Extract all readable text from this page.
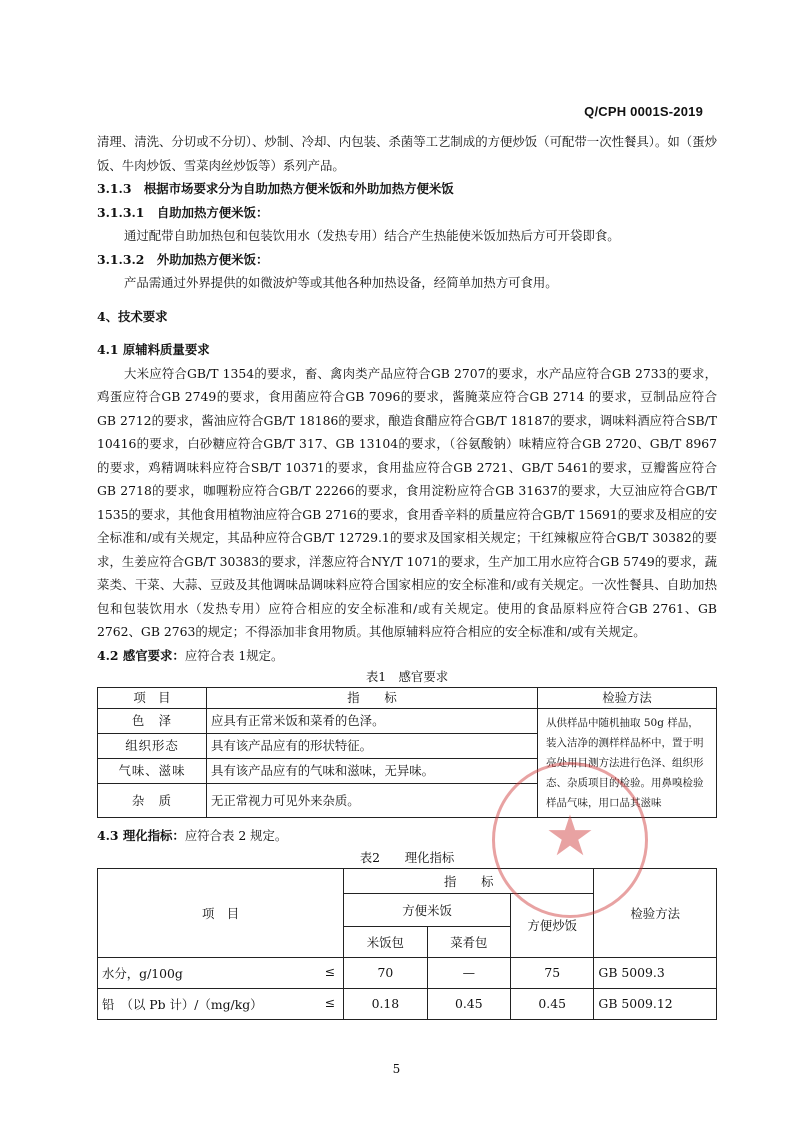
Q/CPH 0001S-2019

清理、清洗、分切或不分切）、炒制、冷却、内包装、杀菌等工艺制成的方便炒饭（可配带一次性餐具）。如（蛋炒饭、牛肉炒饭、雪菜肉丝炒饭等）系列产品。

3.1.3　根据市场要求分为自助加热方便米饭和外助加热方便米饭

3.1.3.1　自助加热方便米饭：

通过配带自助加热包和包装饮用水（发热专用）结合产生热能使米饭加热后方可开袋即食。

3.1.3.2　外助加热方便米饭：

产品需通过外界提供的如微波炉等或其他各种加热设备，经简单加热方可食用。

4、技术要求

4.1 原辅料质量要求

大米应符合GB/T 1354的要求，畜、禽肉类产品应符合GB 2707的要求，水产品应符合GB 2733的要求，鸡蛋应符合GB 2749的要求，食用菌应符合GB 7096的要求，酱腌菜应符合GB 2714 的要求，豆制品应符合GB 2712的要求，酱油应符合GB/T 18186的要求，酿造食醋应符合GB/T 18187的要求，调味料酒应符合SB/T 10416的要求，白砂糖应符合GB/T 317、GB 13104的要求，（谷氨酸钠）味精应符合GB 2720、GB/T 8967的要求，鸡精调味料应符合SB/T 10371的要求，食用盐应符合GB 2721、GB/T 5461的要求，豆瓣酱应符合GB 2718的要求，咖喱粉应符合GB/T 22266的要求，食用淀粉应符合GB 31637的要求，大豆油应符合GB/T 1535的要求，其他食用植物油应符合GB 2716的要求，食用香辛料的质量应符合GB/T 15691的要求及相应的安全标准和/或有关规定，其品种应符合GB/T 12729.1的要求及国家相关规定；干红辣椒应符合GB/T 30382的要求，生姜应符合GB/T 30383的要求，洋葱应符合NY/T 1071的要求，生产加工用水应符合GB 5749的要求，蔬菜类、干菜、大蒜、豆豉及其他调味品调味料应符合国家相应的安全标准和/或有关规定。一次性餐具、自助加热包和包装饮用水（发热专用）应符合相应的安全标准和/或有关规定。使用的食品原料应符合GB 2761、GB 2762、GB 2763的规定；不得添加非食用物质。其他原辅料应符合相应的安全标准和/或有关规定。

4.2 感官要求：应符合表 1规定。

表1　感官要求

项　目	指　　标	检验方法
色　泽	应具有正常米饭和菜肴的色泽。	从供样品中随机抽取 50g 样品，装入洁净的测样样品杯中，置于明亮处用目测方法进行色泽、组织形态、杂质项目的检验。用鼻嗅检验样品气味，用口品其滋味
组织形态	具有该产品应有的形状特征。	
气味、滋味	具有该产品应有的气味和滋味，无异味。	
杂　质	无正常视力可见外来杂质。	

4.3 理化指标：应符合表 2 规定。

表2　　理化指标

项　目	指　　标			检验方法
	方便米饭		方便炒饭	
	米饭包	菜肴包		
水分，g/100g ≤	70	—	75	GB 5009.3
铅　（以 Pb 计）/（mg/kg） ≤	0.18	0.45	0.45	GB 5009.12
★
5
